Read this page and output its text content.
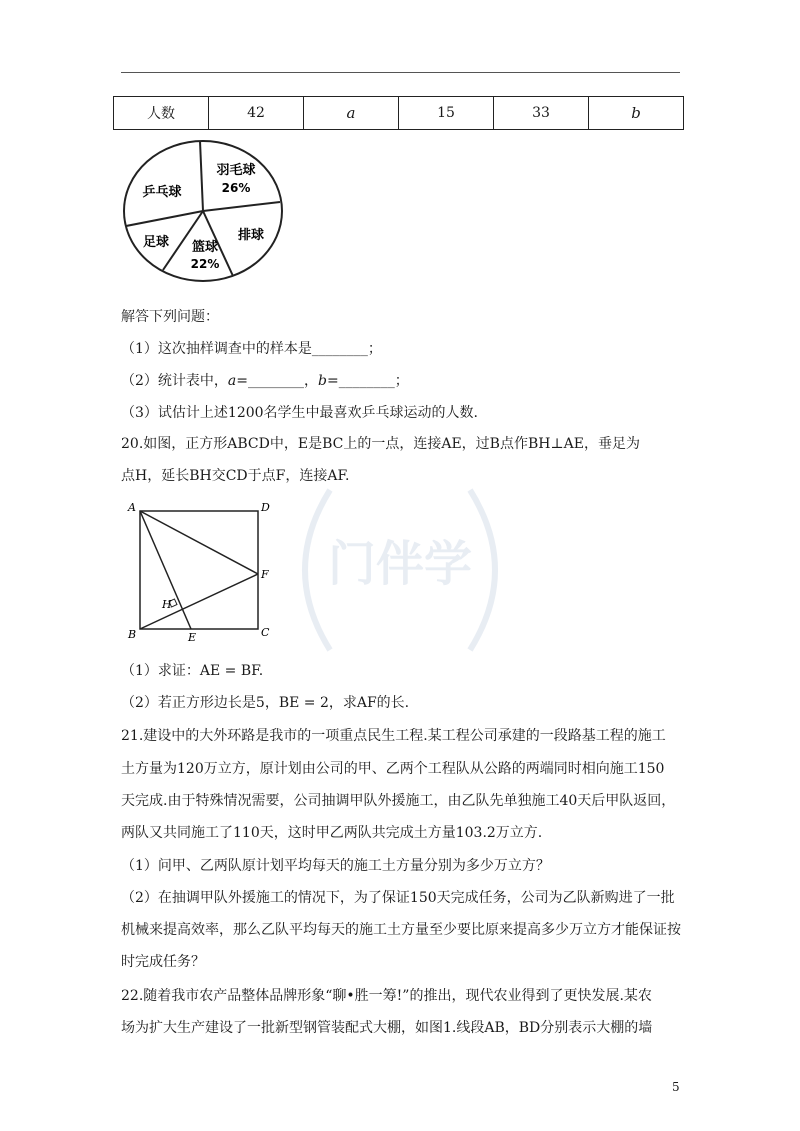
门伴学
人数	42	a	15	33	b
羽毛球
26%
排球
篮球
22%
足球
乒乓球
解答下列问题：
（1）这次抽样调查中的样本是________；
（2）统计表中，a=________，b=________；
（3）试估计上述1200名学生中最喜欢乒乓球运动的人数.
20.如图，正方形ABCD中，E是BC上的一点，连接AE，过B点作BH⊥AE，垂足为
点H，延长BH交CD于点F，连接AF.
A	D
B	C
E
F
H
（1）求证：AE = BF.
（2）若正方形边长是5，BE = 2，求AF的长.
21.建设中的大外环路是我市的一项重点民生工程.某工程公司承建的一段路基工程的施工
土方量为120万立方，原计划由公司的甲、乙两个工程队从公路的两端同时相向施工150
天完成.由于特殊情况需要，公司抽调甲队外援施工，由乙队先单独施工40天后甲队返回，
两队又共同施工了110天，这时甲乙两队共完成土方量103.2万立方.
（1）问甲、乙两队原计划平均每天的施工土方量分别为多少万立方？
（2）在抽调甲队外援施工的情况下，为了保证150天完成任务，公司为乙队新购进了一批
机械来提高效率，那么乙队平均每天的施工土方量至少要比原来提高多少万立方才能保证按
时完成任务？
22.随着我市农产品整体品牌形象“聊•胜一筹!”的推出，现代农业得到了更快发展.某农
场为扩大生产建设了一批新型钢管装配式大棚，如图1.线段AB，BD分别表示大棚的墙
5
